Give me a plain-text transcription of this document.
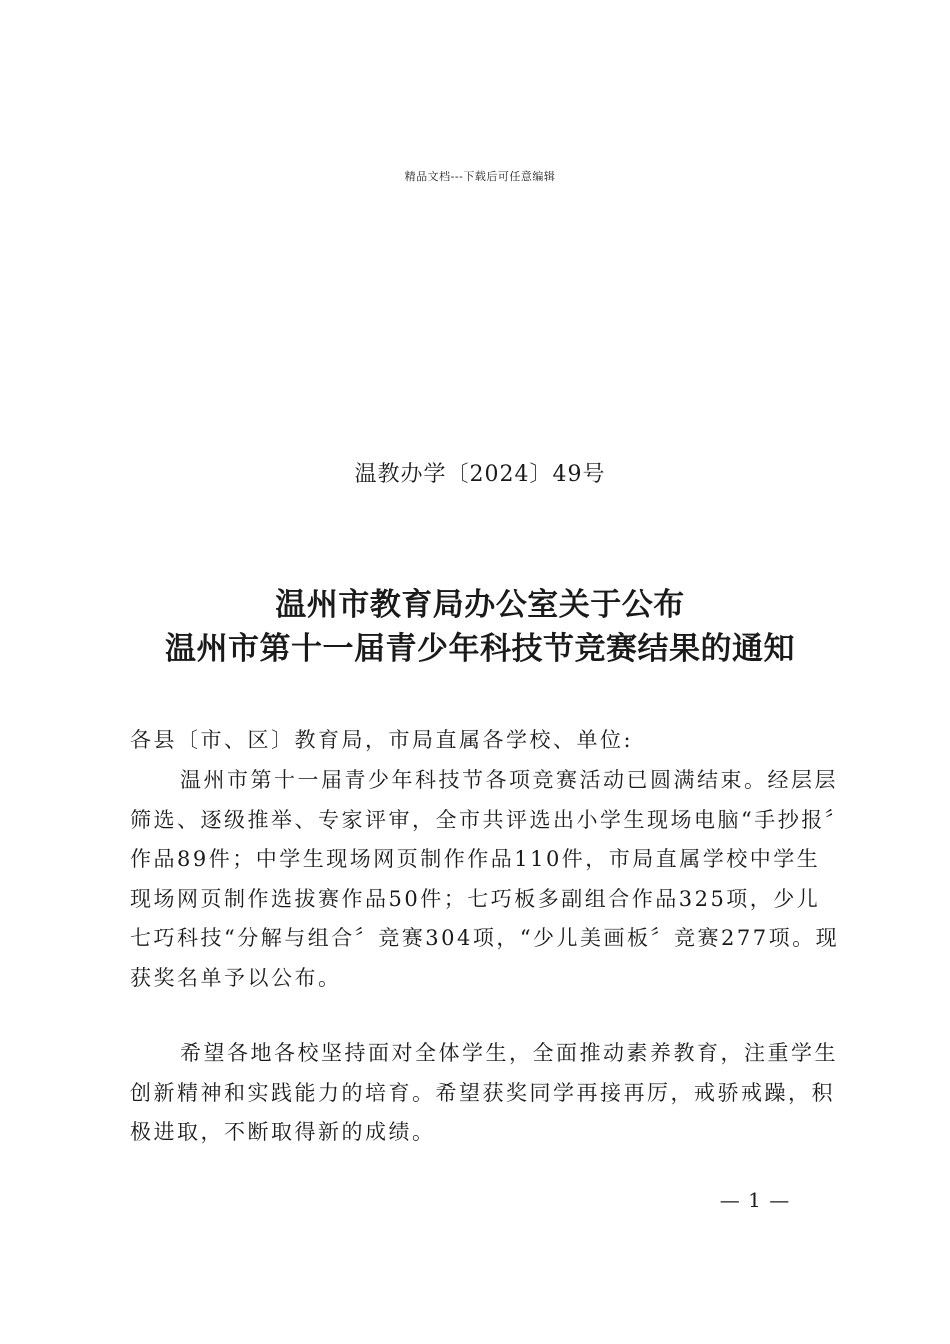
精品文档---下载后可任意编辑
温教办学〔2024〕49号
温州市教育局办公室关于公布
温州市第十一届青少年科技节竞赛结果的通知
各县〔市、区〕教育局，市局直属各学校、单位:
温州市第十一届青少年科技节各项竞赛活动已圆满结束。经层层筛选、逐级推举、专家评审，全市共评选出小学生现场电脑“手抄报〞作品89件；中学生现场网页制作作品110件，市局直属学校中学生现场网页制作选拔赛作品50件；七巧板多副组合作品325项，少儿七巧科技“分解与组合〞竞赛304项，“少儿美画板〞竞赛277项。现获奖名单予以公布。
希望各地各校坚持面对全体学生，全面推动素养教育，注重学生创新精神和实践能力的培育。希望获奖同学再接再厉，戒骄戒躁，积极进取，不断取得新的成绩。
— 1 —
